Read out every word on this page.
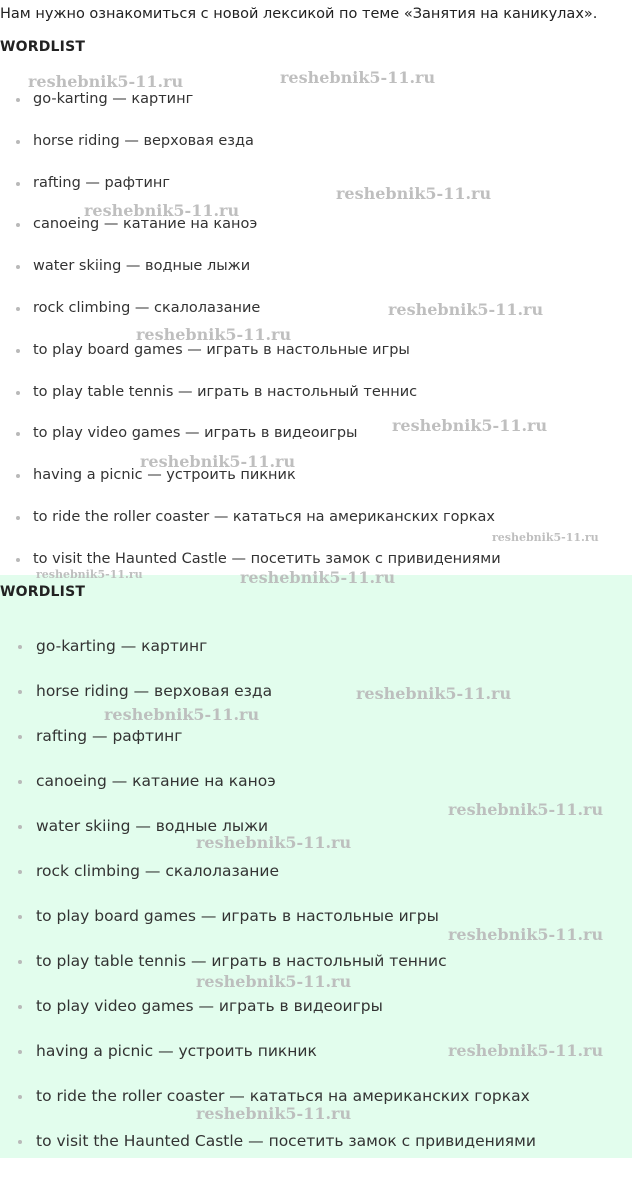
Нам нужно ознакомиться с новой лексикой по теме «Занятия на каникулах».
WORDLIST
go-karting — картинг
horse riding — верховая езда
rafting — рафтинг
canoeing — катание на каноэ
water skiing — водные лыжи
rock climbing — скалолазание
to play board games — играть в настольные игры
to play table tennis — играть в настольный теннис
to play video games — играть в видеоигры
having a picnic — устроить пикник
to ride the roller coaster — кататься на американских горках
to visit the Haunted Castle — посетить замок с привидениями
WORDLIST
go-karting — картинг
horse riding — верховая езда
rafting — рафтинг
canoeing — катание на каноэ
water skiing — водные лыжи
rock climbing — скалолазание
to play board games — играть в настольные игры
to play table tennis — играть в настольный теннис
to play video games — играть в видеоигры
having a picnic — устроить пикник
to ride the roller coaster — кататься на американских горках
to visit the Haunted Castle — посетить замок с привидениями
reshebnik5-11.ru	reshebnik5-11.ru
reshebnik5-11.ru
reshebnik5-11.ru
reshebnik5-11.ru
reshebnik5-11.ru
reshebnik5-11.ru
reshebnik5-11.ru
reshebnik5-11.ru
reshebnik5-11.ru	reshebnik5-11.ru
reshebnik5-11.ru
reshebnik5-11.ru
reshebnik5-11.ru
reshebnik5-11.ru
reshebnik5-11.ru
reshebnik5-11.ru
reshebnik5-11.ru
reshebnik5-11.ru
